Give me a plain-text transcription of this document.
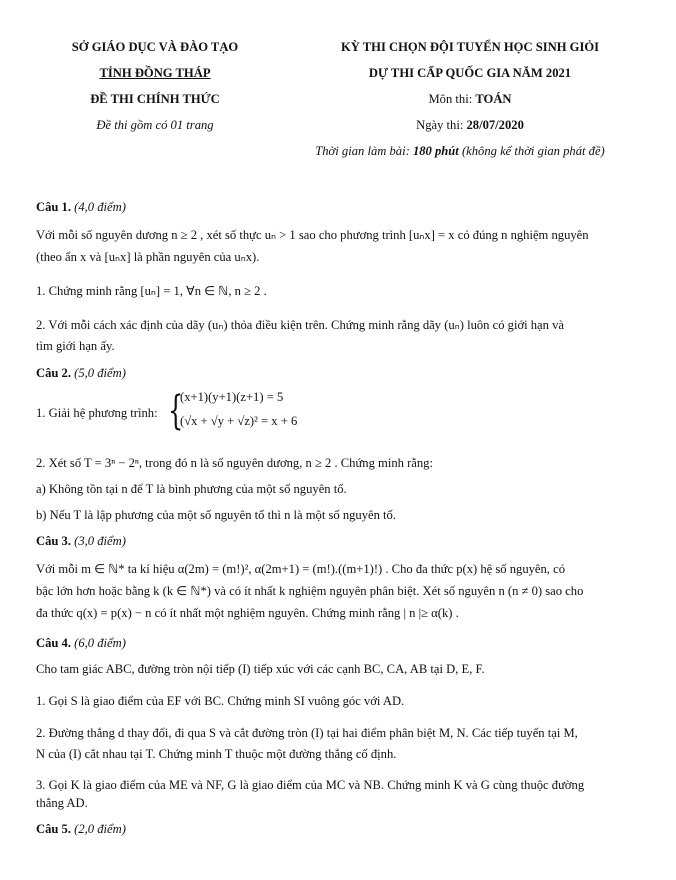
SỞ GIÁO DỤC VÀ ĐÀO TẠO
TỈNH ĐỒNG THÁP
ĐỀ THI CHÍNH THỨC
Đề thi gồm có 01 trang
KỲ THI CHỌN ĐỘI TUYỂN HỌC SINH GIỎI
DỰ THI CẤP QUỐC GIA NĂM 2021
Môn thi: TOÁN
Ngày thi: 28/07/2020
Thời gian làm bài: 180 phút (không kể thời gian phát đề)
Câu 1. (4,0 điểm)
Với mỗi số nguyên dương n ≥ 2 , xét số thực uₙ > 1 sao cho phương trình [uₙx] = x có đúng n nghiệm nguyên
(theo ẩn x và [uₙx] là phần nguyên của uₙx).
1. Chứng minh rằng [uₙ] = 1, ∀n ∈ ℕ, n ≥ 2 .
2. Với mỗi cách xác định của dãy (uₙ) thỏa điều kiện trên. Chứng minh rằng dãy (uₙ) luôn có giới hạn và
tìm giới hạn ấy.
Câu 2. (5,0 điểm)
1. Giải hệ phương trình: {
(x+1)(y+1)(z+1) = 5
(√x + √y + √z)² = x + 6
2. Xét số T = 3ⁿ − 2ⁿ, trong đó n là số nguyên dương, n ≥ 2 . Chứng minh rằng:
a) Không tồn tại n để T là bình phương của một số nguyên tố.
b) Nếu T là lập phương của một số nguyên tố thì n là một số nguyên tố.
Câu 3. (3,0 điểm)
Với mỗi m ∈ ℕ* ta kí hiệu α(2m) = (m!)², α(2m+1) = (m!).((m+1)!) . Cho đa thức p(x) hệ số nguyên, có
bậc lớn hơn hoặc bằng k (k ∈ ℕ*) và có ít nhất k nghiệm nguyên phân biệt. Xét số nguyên n (n ≠ 0) sao cho
đa thức q(x) = p(x) − n có ít nhất một nghiệm nguyên. Chứng minh rằng | n |≥ α(k) .
Câu 4. (6,0 điểm)
Cho tam giác ABC, đường tròn nội tiếp (I) tiếp xúc với các cạnh BC, CA, AB tại D, E, F.
1. Gọi S là giao điểm của EF với BC. Chứng minh SI vuông góc với AD.
2. Đường thẳng d thay đổi, đi qua S và cắt đường tròn (I) tại hai điểm phân biệt M, N. Các tiếp tuyến tại M,
N của (I) cắt nhau tại T. Chứng minh T thuộc một đường thẳng cố định.
3. Gọi K là giao điểm của ME và NF, G là giao điểm của MC và NB. Chứng minh K và G cùng thuộc đường
thẳng AD.
Câu 5. (2,0 điểm)
